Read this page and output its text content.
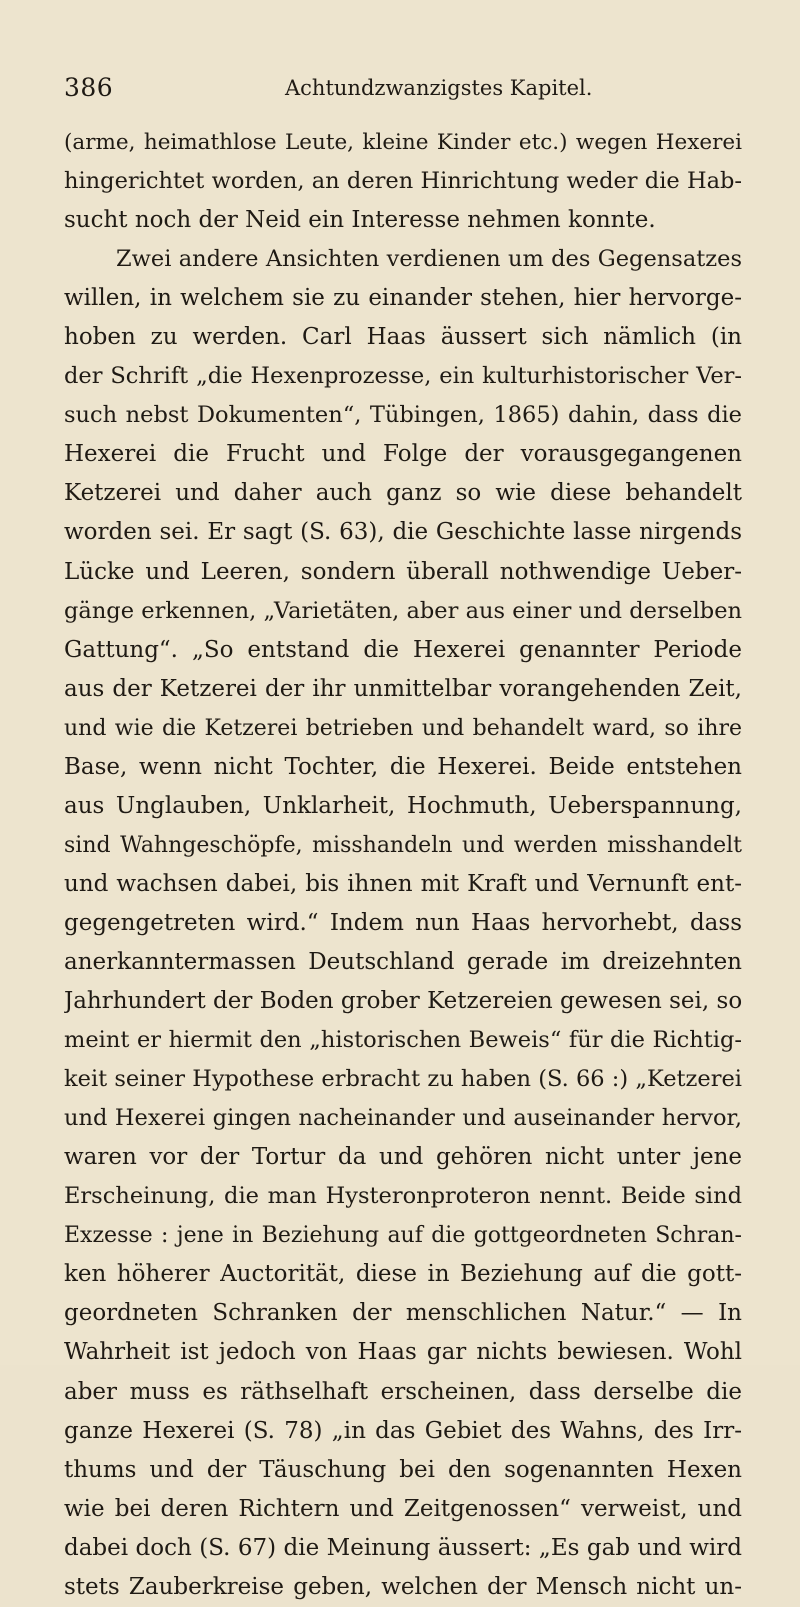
386	Achtundzwanzigstes Kapitel.
(arme, heimathlose Leute, kleine Kinder etc.) wegen Hexerei
hingerichtet worden, an deren Hinrichtung weder die Hab-
sucht noch der Neid ein Interesse nehmen konnte.
Zwei andere Ansichten verdienen um des Gegensatzes
willen, in welchem sie zu einander stehen, hier hervorge-
hoben zu werden. Carl Haas äussert sich nämlich (in
der Schrift „die Hexenprozesse, ein kulturhistorischer Ver-
such nebst Dokumenten“, Tübingen, 1865) dahin, dass die
Hexerei die Frucht und Folge der vorausgegangenen
Ketzerei und daher auch ganz so wie diese behandelt
worden sei. Er sagt (S. 63), die Geschichte lasse nirgends
Lücke und Leeren, sondern überall nothwendige Ueber-
gänge erkennen, „Varietäten, aber aus einer und derselben
Gattung“. „So entstand die Hexerei genannter Periode
aus der Ketzerei der ihr unmittelbar vorangehenden Zeit,
und wie die Ketzerei betrieben und behandelt ward, so ihre
Base, wenn nicht Tochter, die Hexerei. Beide entstehen
aus Unglauben, Unklarheit, Hochmuth, Ueberspannung,
sind Wahngeschöpfe, misshandeln und werden misshandelt
und wachsen dabei, bis ihnen mit Kraft und Vernunft ent-
gegengetreten wird.“ Indem nun Haas hervorhebt, dass
anerkanntermassen Deutschland gerade im dreizehnten
Jahrhundert der Boden grober Ketzereien gewesen sei, so
meint er hiermit den „historischen Beweis“ für die Richtig-
keit seiner Hypothese erbracht zu haben (S. 66 :) „Ketzerei
und Hexerei gingen nacheinander und auseinander hervor,
waren vor der Tortur da und gehören nicht unter jene
Erscheinung, die man Hysteronproteron nennt. Beide sind
Exzesse : jene in Beziehung auf die gottgeordneten Schran-
ken höherer Auctorität, diese in Beziehung auf die gott-
geordneten Schranken der menschlichen Natur.“ — In
Wahrheit ist jedoch von Haas gar nichts bewiesen. Wohl
aber muss es räthselhaft erscheinen, dass derselbe die
ganze Hexerei (S. 78) „in das Gebiet des Wahns, des Irr-
thums und der Täuschung bei den sogenannten Hexen
wie bei deren Richtern und Zeitgenossen“ verweist, und
dabei doch (S. 67) die Meinung äussert: „Es gab und wird
stets Zauberkreise geben, welchen der Mensch nicht un-
